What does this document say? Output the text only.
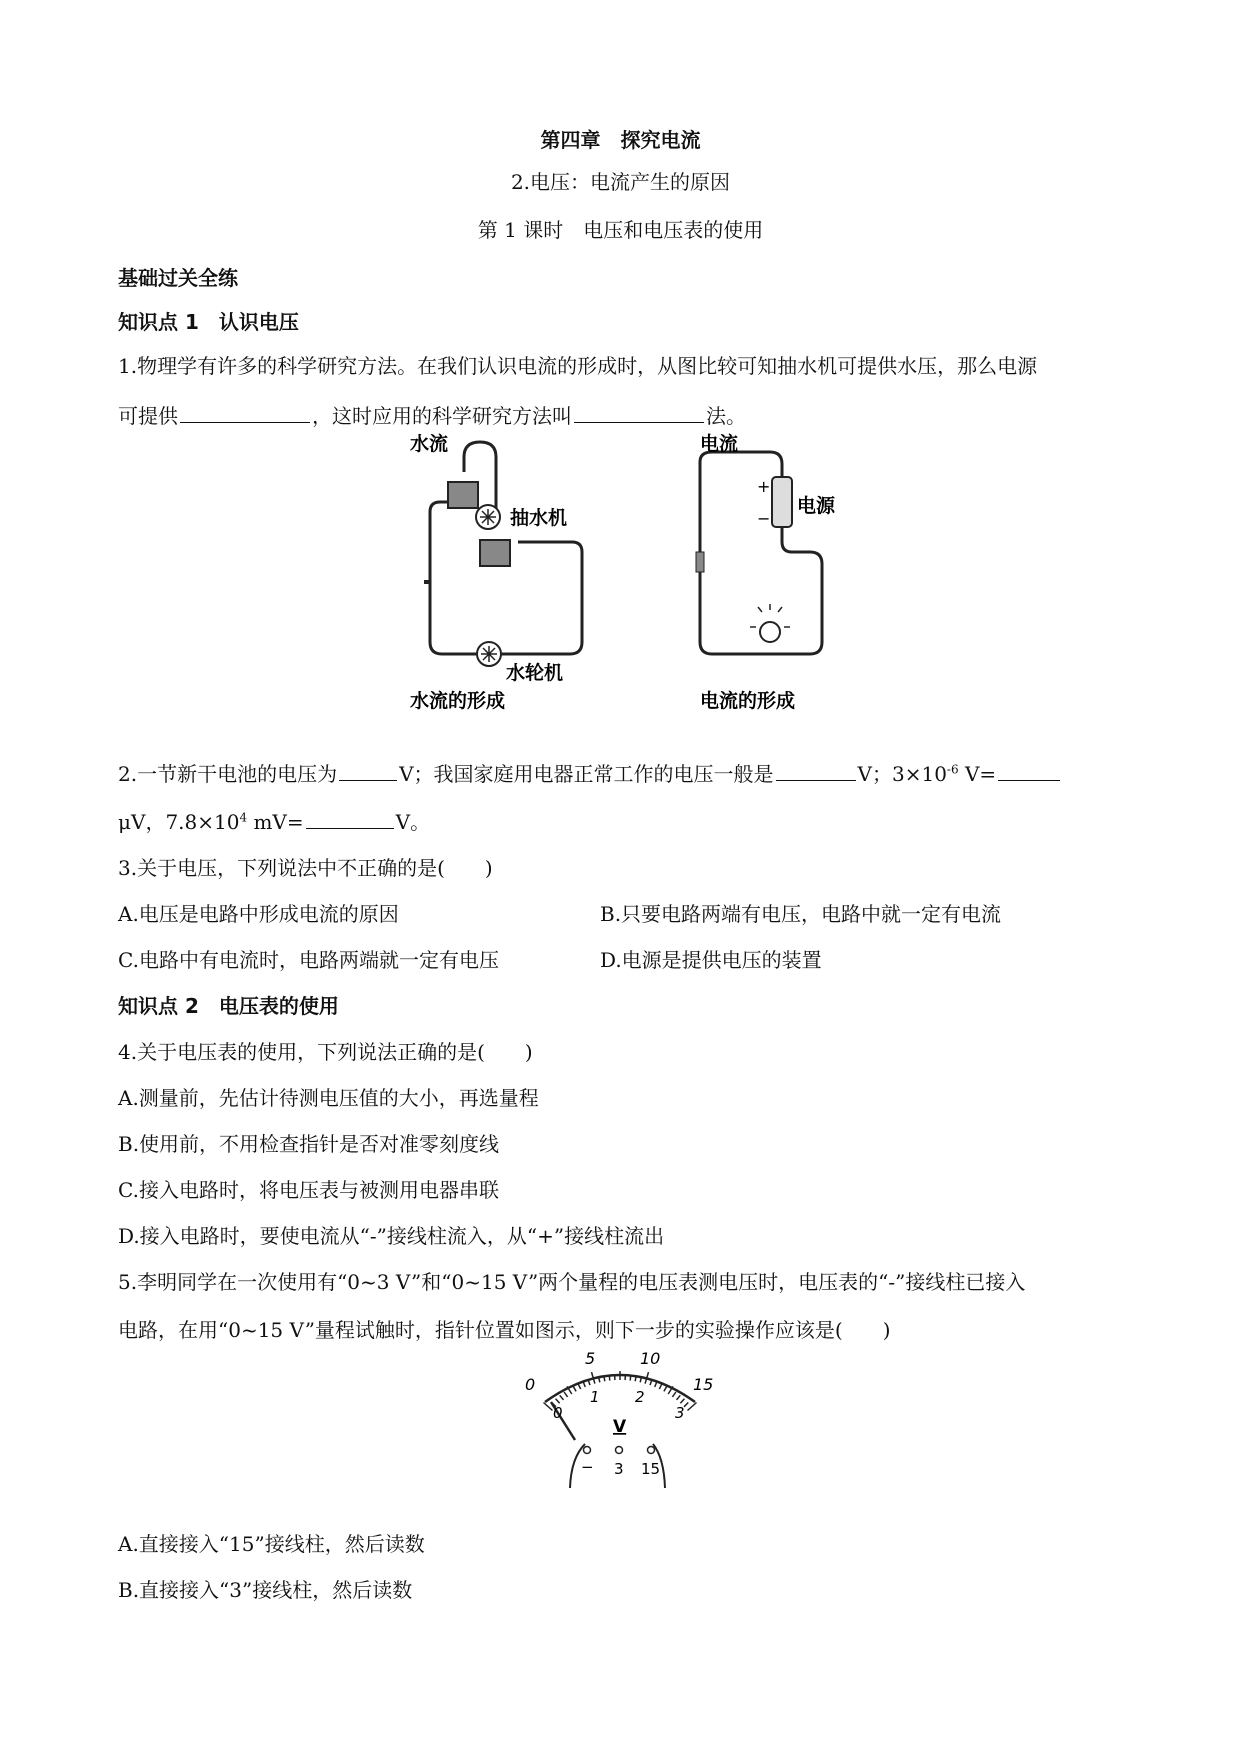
第四章　探究电流
2.电压：电流产生的原因
第 1 课时　电压和电压表的使用
基础过关全练
知识点 1　认识电压
1.物理学有许多的科学研究方法。在我们认识电流的形成时，从图比较可知抽水机可提供水压，那么电源
可提供	，这时应用的科学研究方法叫	法。
水流
抽水机
水轮机
水流的形成
电流
+
−
电源
电流的形成
2.一节新干电池的电压为	V；我国家庭用电器正常工作的电压一般是	V；$3\times 10^{-6}$ V=
μV，$7.8\times 10^4$ mV=	V。
3.关于电压，下列说法中不正确的是(　　)
A.电压是电路中形成电流的原因	B.只要电路两端有电压，电路中就一定有电流
C.电路中有电流时，电路两端就一定有电压	D.电源是提供电压的装置
知识点 2　电压表的使用
4.关于电压表的使用，下列说法正确的是(　　)
A.测量前，先估计待测电压值的大小，再选量程
B.使用前，不用检查指针是否对准零刻度线
C.接入电路时，将电压表与被测用电器串联
D.接入电路时，要使电流从“-”接线柱流入，从“+”接线柱流出
5.李明同学在一次使用有“0~3 V”和“0~15 V”两个量程的电压表测电压时，电压表的“-”接线柱已接入
电路，在用“0~15 V”量程试触时，指针位置如图示，则下一步的实验操作应该是(　　)
0
5	10
15
0
1 2
3
V
− 3 15
A.直接接入“15”接线柱，然后读数
B.直接接入“3”接线柱，然后读数
